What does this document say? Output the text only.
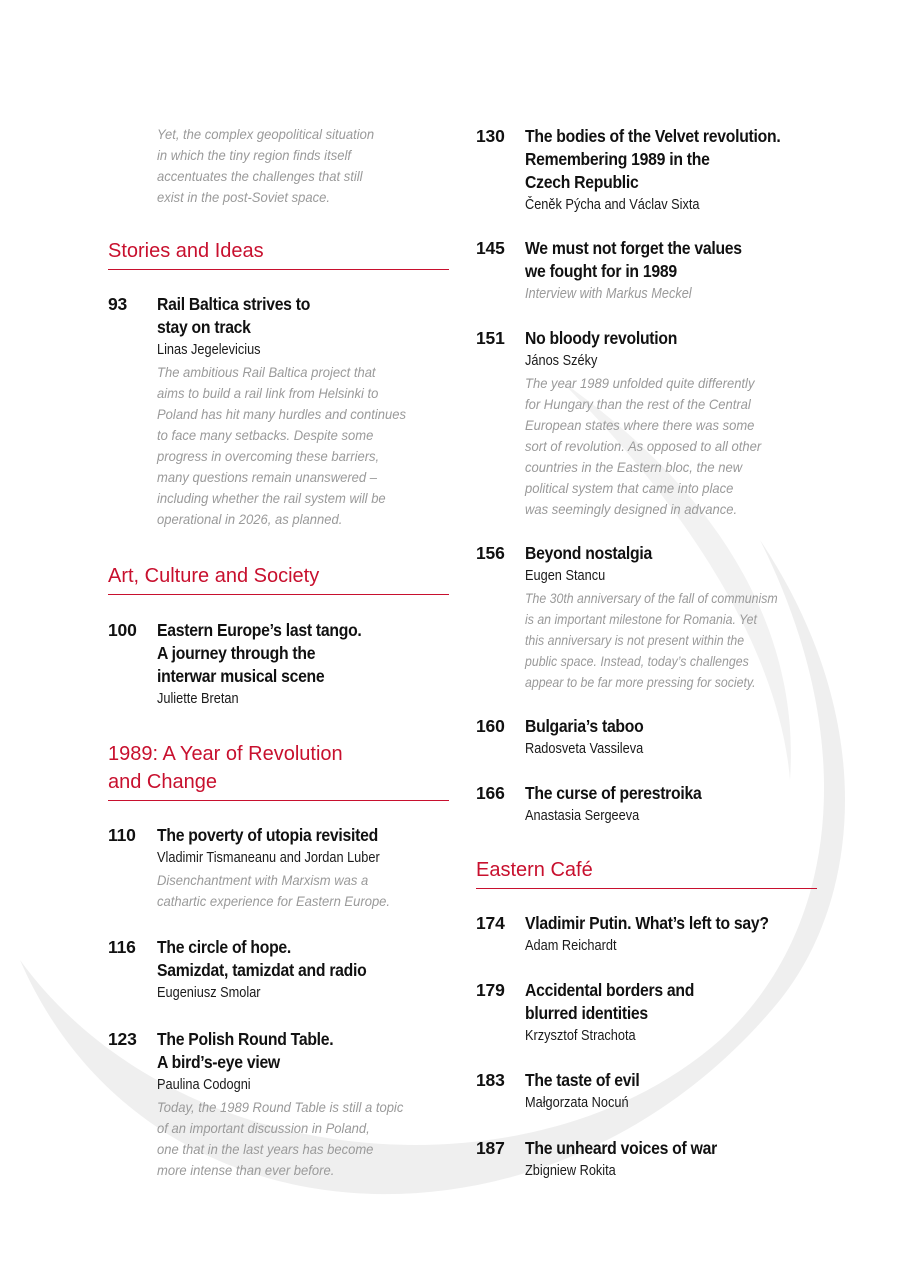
Yet, the complex geopolitical situation
in which the tiny region finds itself
accentuates the challenges that still
exist in the post-Soviet space.

Stories and Ideas
93 Rail Baltica strives to
stay on track
Linas Jegelevicius
The ambitious Rail Baltica project that
aims to build a rail link from Helsinki to
Poland has hit many hurdles and continues
to face many setbacks. Despite some
progress in overcoming these barriers,
many questions remain unanswered –
including whether the rail system will be
operational in 2026, as planned.
Art, Culture and Society
100 Eastern Europe’s last tango.
A journey through the
interwar musical scene
Juliette Bretan
1989: A Year of Revolution
and Change
110 The poverty of utopia revisited
Vladimir Tismaneanu and Jordan Luber
Disenchantment with Marxism was a
cathartic experience for Eastern Europe.
116 The circle of hope.
Samizdat, tamizdat and radio
Eugeniusz Smolar
123 The Polish Round Table.
A bird’s-eye view
Paulina Codogni
Today, the 1989 Round Table is still a topic
of an important discussion in Poland,
one that in the last years has become
more intense than ever before.
130 The bodies of the Velvet revolution.
Remembering 1989 in the
Czech Republic
Čeněk Pýcha and Václav Sixta
145 We must not forget the values
we fought for in 1989
Interview with Markus Meckel
151 No bloody revolution
János Széky
The year 1989 unfolded quite differently
for Hungary than the rest of the Central
European states where there was some
sort of revolution. As opposed to all other
countries in the Eastern bloc, the new
political system that came into place
was seemingly designed in advance.
156 Beyond nostalgia
Eugen Stancu
The 30th anniversary of the fall of communism
is an important milestone for Romania. Yet
this anniversary is not present within the
public space. Instead, today’s challenges
appear to be far more pressing for society.
160 Bulgaria’s taboo
Radosveta Vassileva
166 The curse of perestroika
Anastasia Sergeeva
Eastern Café
174 Vladimir Putin. What’s left to say?
Adam Reichardt
179 Accidental borders and
blurred identities
Krzysztof Strachota
183 The taste of evil
Małgorzata Nocuń
187 The unheard voices of war
Zbigniew Rokita
